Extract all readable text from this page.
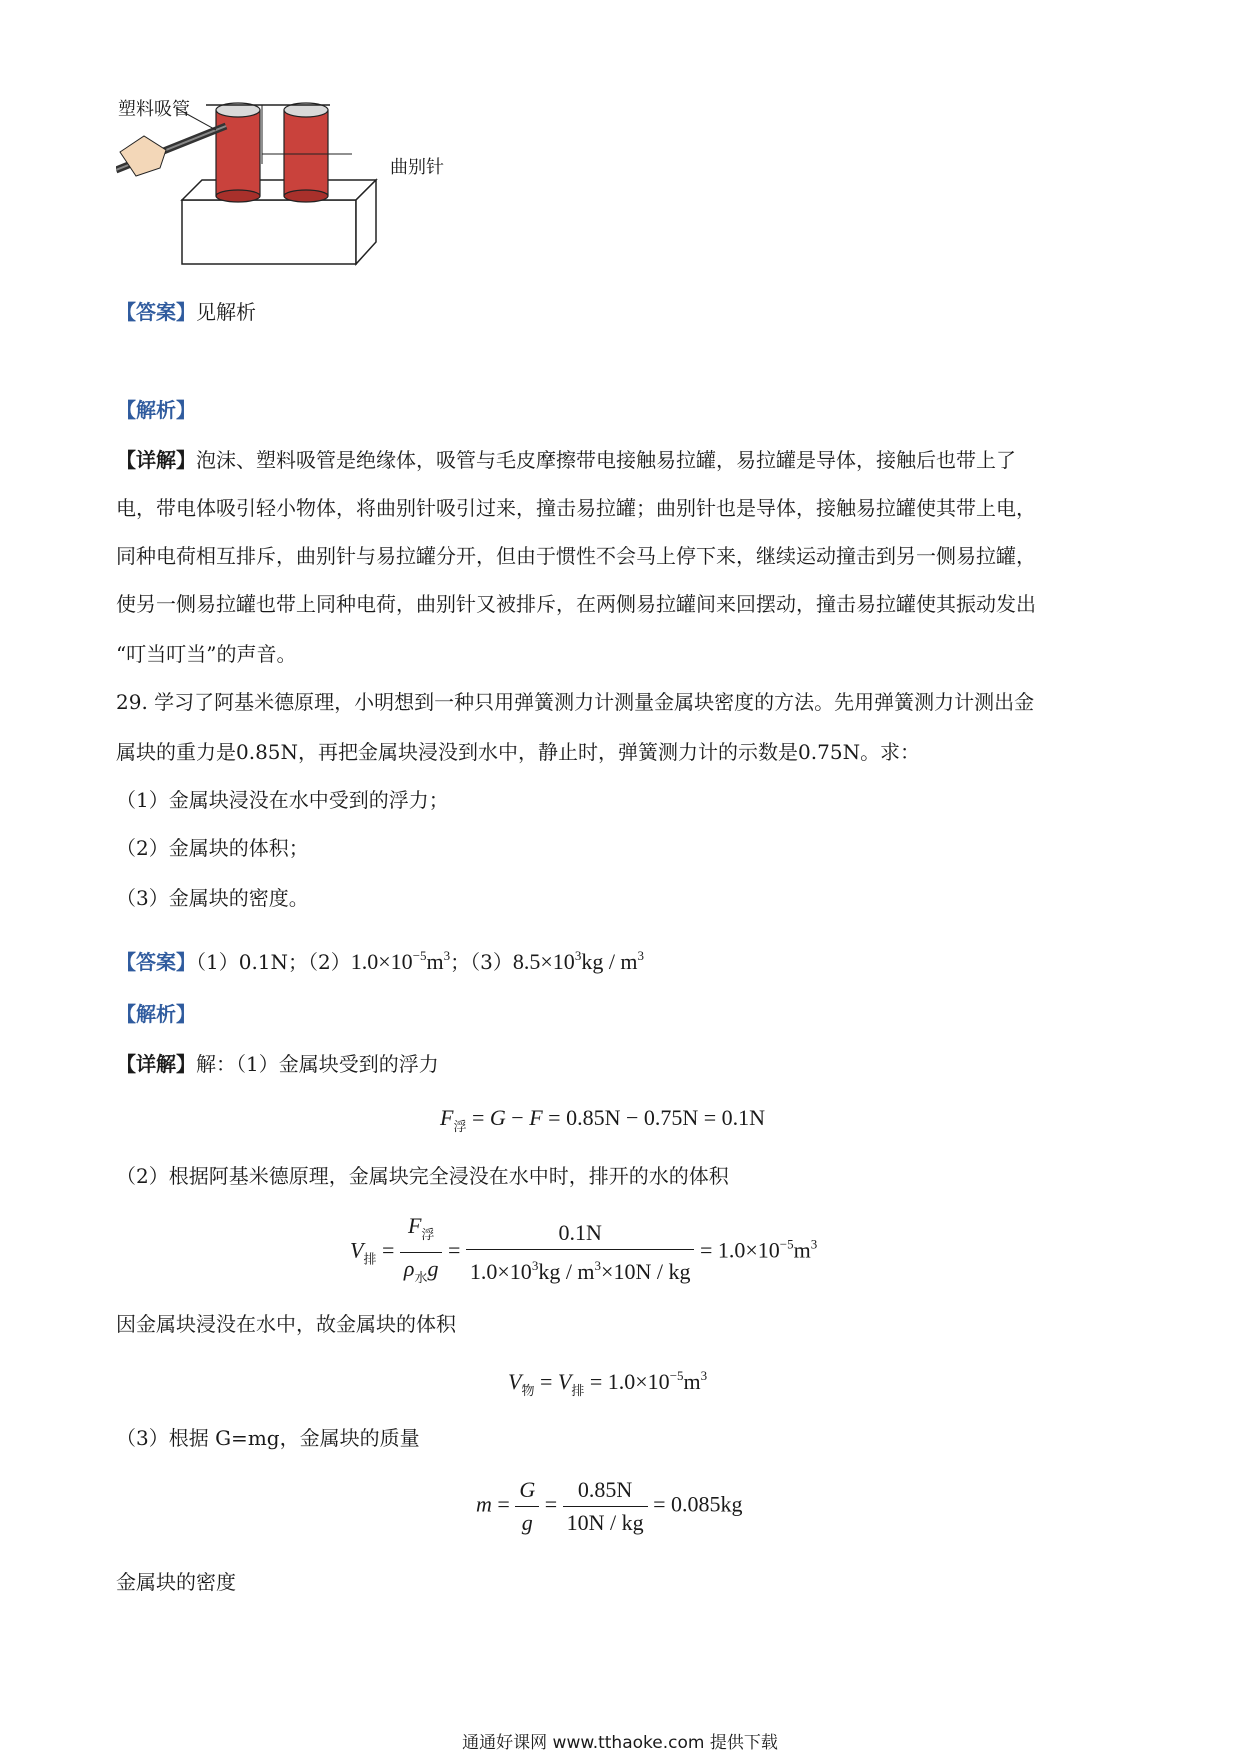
塑料吸管
曲别针
【答案】见解析
【解析】
【详解】泡沫、塑料吸管是绝缘体，吸管与毛皮摩擦带电接触易拉罐，易拉罐是导体，接触后也带上了
电，带电体吸引轻小物体，将曲别针吸引过来，撞击易拉罐；曲别针也是导体，接触易拉罐使其带上电，
同种电荷相互排斥，曲别针与易拉罐分开，但由于惯性不会马上停下来，继续运动撞击到另一侧易拉罐，
使另一侧易拉罐也带上同种电荷，曲别针又被排斥，在两侧易拉罐间来回摆动，撞击易拉罐使其振动发出
“叮当叮当”的声音。
29. 学习了阿基米德原理，小明想到一种只用弹簧测力计测量金属块密度的方法。先用弹簧测力计测出金
属块的重力是0.85N，再把金属块浸没到水中，静止时，弹簧测力计的示数是0.75N。求：
（1）金属块浸没在水中受到的浮力；
（2）金属块的体积；
（3）金属块的密度。
【答案】（1）0.1N；$(2)1.0\times 10^{-5}m^3$；$(3)8.5\times 10^3kg / m^3$
【解析】
【详解】解：（1）金属块受到的浮力
$F_浮 = G - F = 0.85N - 0.75N = 0.1N$
（2）根据阿基米德原理，金属块完全浸没在水中时，排开的水的体积
$V_排 = \frac{F_浮}{\rho_水g} = \frac{0.1N}{1.0\times 10^3kg / m^3\times 10N / kg} = 1.0\times 10^{-5}m^3$
因金属块浸没在水中，故金属块的体积
$V_物 = V_排 = 1.0\times 10^{-5}m^3$
（3）根据 G=mg，金属块的质量
$m = \frac{G}{g} = \frac{0.85N}{10N / kg} = 0.085kg$
金属块的密度
通通好课网 www.tthaoke.com 提供下载
